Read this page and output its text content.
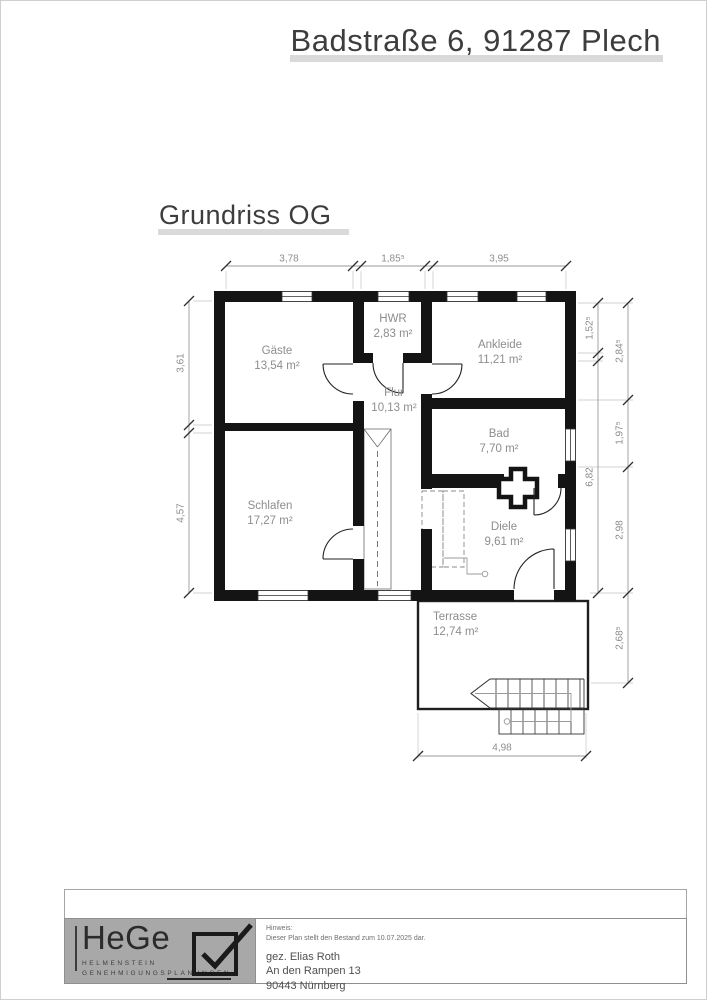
Badstraße 6, 91287 Plech
Grundriss OG
Gäste
13,54 m²
HWR
2,83 m²
Ankleide
11,21 m²
Flur
10,13 m²
Bad
7,70 m²
Schlafen
17,27 m²
Diele
9,61 m²
Terrasse
12,74 m²
3,78	1,85⁵	3,95
3,61
4,57
1,52⁵
6,82
2,84⁵
1,97⁵
2,98
2,68⁵
4,98
HeGe
HELMENSTEIN
GENEHMIGUNGSPLANUNGEN
Hinweis:
Dieser Plan stellt den Bestand zum 10.07.2025 dar.
gez. Elias Roth
An den Rampen 13
90443 Nürnberg
